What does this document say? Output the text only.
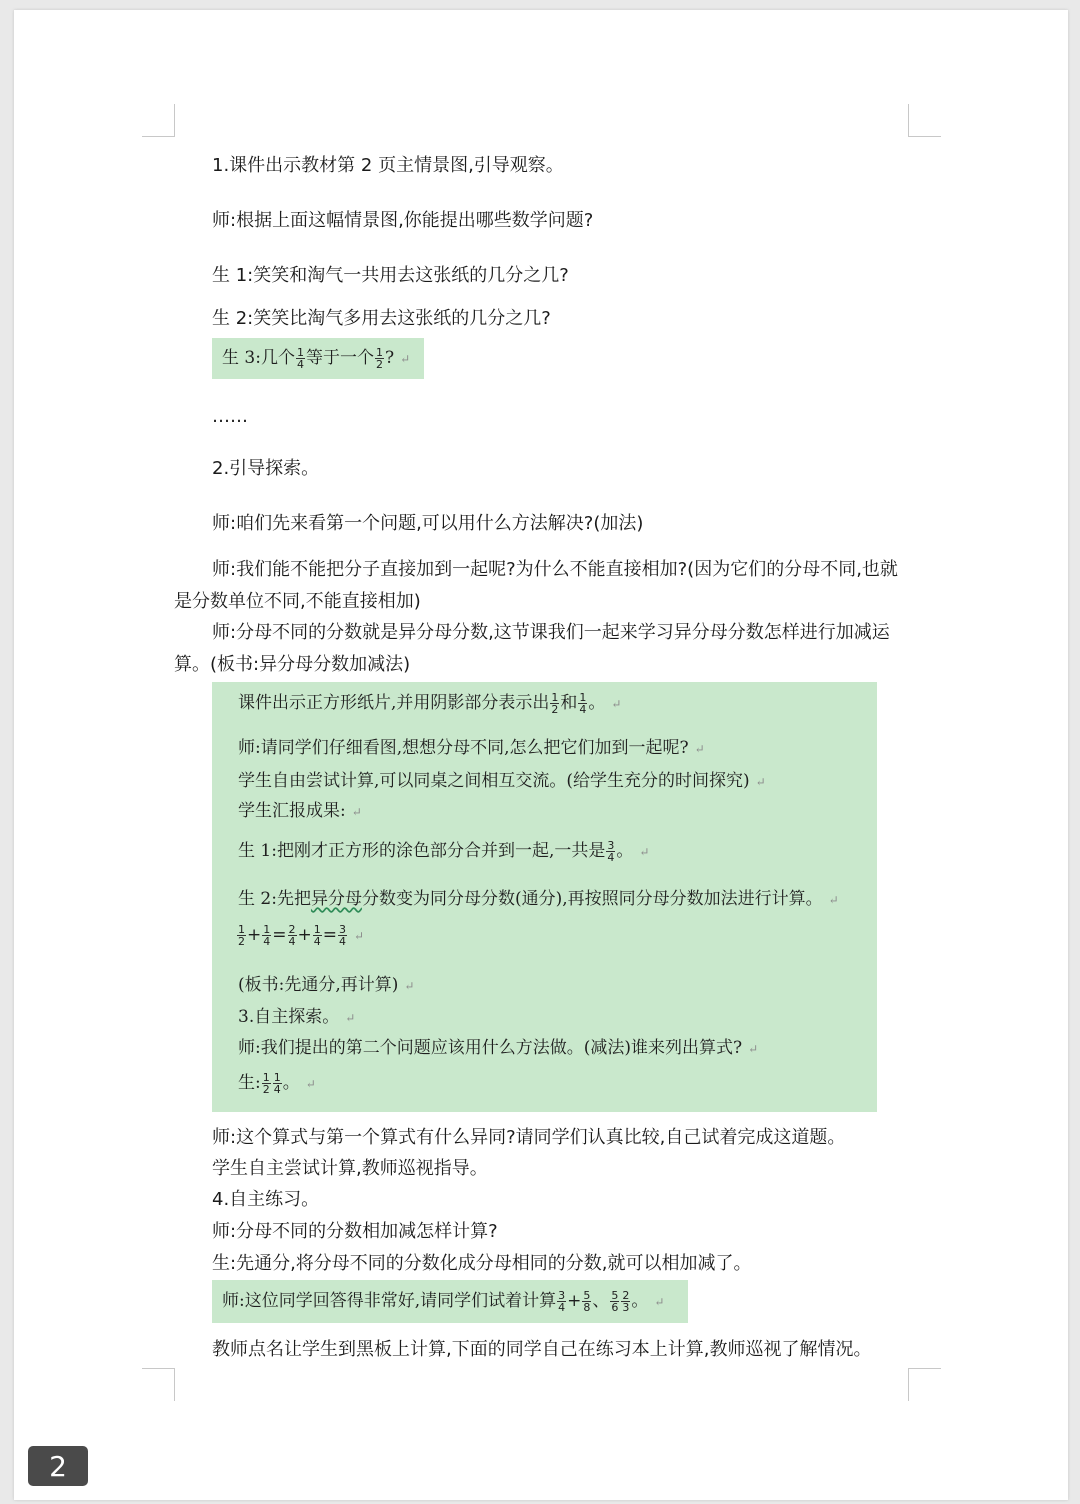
1.课件出示教材第 2 页主情景图,引导观察。

师:根据上面这幅情景图,你能提出哪些数学问题?

生 1:笑笑和淘气一共用去这张纸的几分之几?

生 2:笑笑比淘气多用去这张纸的几分之几?

生 3:几个 $\frac{1}{4}$ 等于一个 $\frac{1}{2}$ ? ↵

……

2.引导探索。

师:咱们先来看第一个问题,可以用什么方法解决?(加法)

师:我们能不能把分子直接加到一起呢?为什么不能直接相加?(因为它们的分母不同,也就是分数单位不同,不能直接相加)

师:分母不同的分数就是异分母分数,这节课我们一起来学习异分母分数怎样进行加减运算。(板书:异分母分数加减法)

课件出示正方形纸片,并用阴影部分表示出 $\frac{1}{2}$ 和 $\frac{1}{4}$ 。 ↵
师:请同学们仔细看图,想想分母不同,怎么把它们加到一起呢? ↵
学生自由尝试计算,可以同桌之间相互交流。(给学生充分的时间探究) ↵
学生汇报成果: ↵
生 1:把刚才正方形的涂色部分合并到一起,一共是 $\frac{3}{4}$ 。 ↵
生 2:先把异分母分数变为同分母分数(通分),再按照同分母分数加法进行计算。 ↵
$\frac{1}{2} + \frac{1}{4} = \frac{2}{4} + \frac{1}{4} = \frac{3}{4}$ ↵
(板书:先通分,再计算) ↵
3.自主探索。 ↵
师:我们提出的第二个问题应该用什么方法做。(减法)谁来列出算式? ↵
生: $\frac{1}{2} \frac{1}{4}$ 。 ↵

师:这个算式与第一个算式有什么异同?请同学们认真比较,自己试着完成这道题。

学生自主尝试计算,教师巡视指导。

4.自主练习。

师:分母不同的分数相加减怎样计算?

生:先通分,将分母不同的分数化成分母相同的分数,就可以相加减了。

师:这位同学回答得非常好,请同学们试着计算 $\frac{3}{4} + \frac{5}{8}$ 、 $\frac{5}{6} \frac{2}{3}$ 。 ↵

教师点名让学生到黑板上计算,下面的同学自己在练习本上计算,教师巡视了解情况。

2
